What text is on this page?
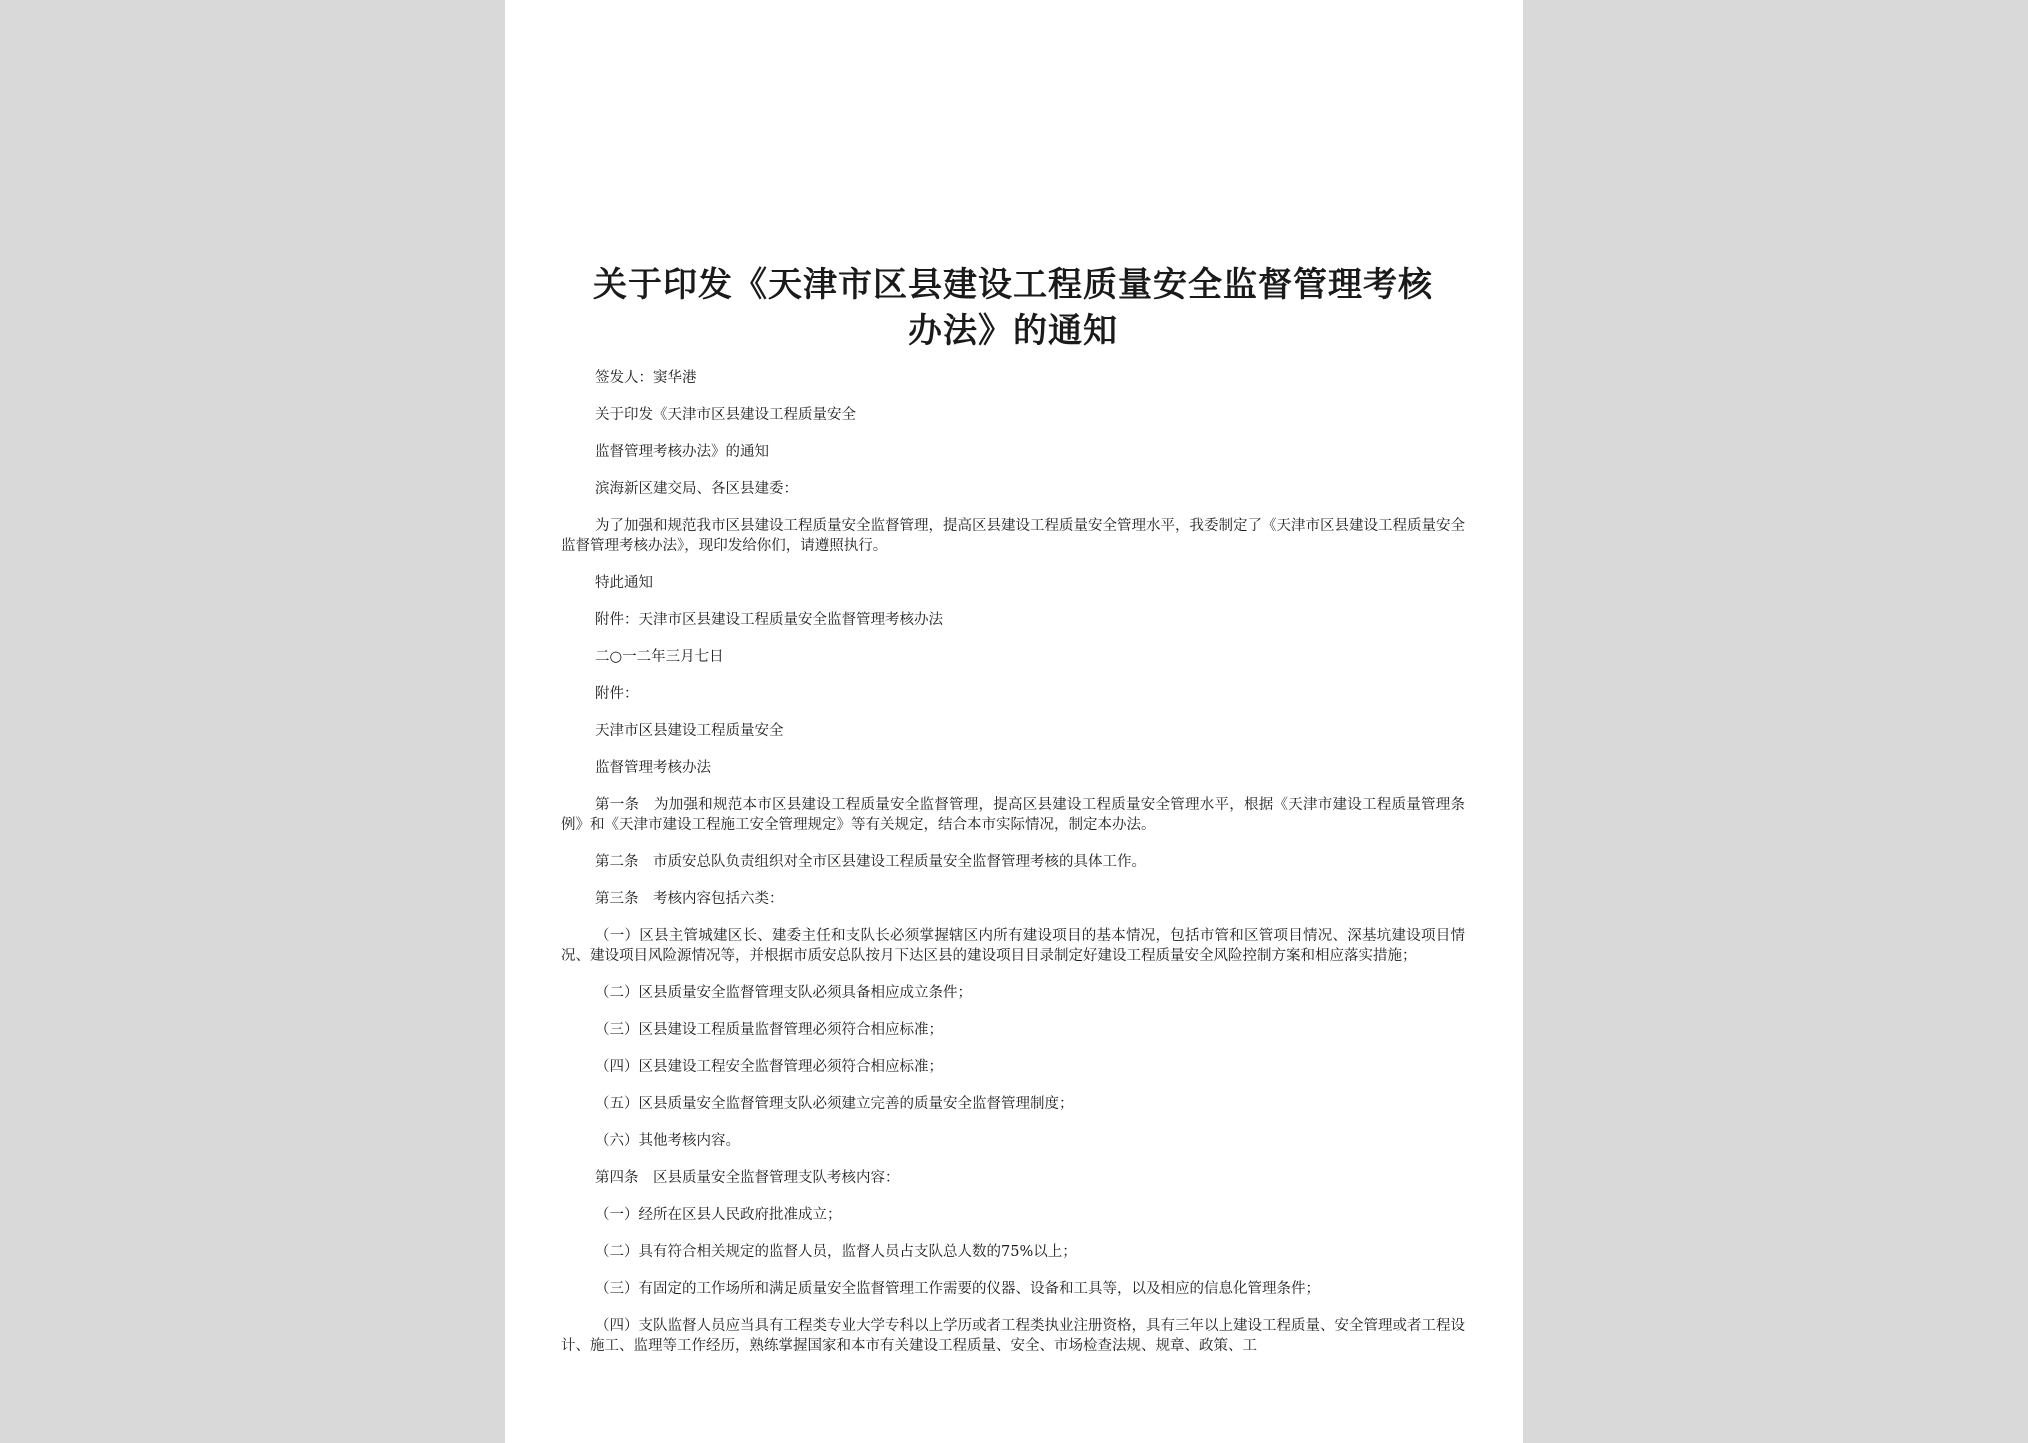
关于印发《天津市区县建设工程质量安全监督管理考核
办法》的通知

签发人：窦华港

关于印发《天津市区县建设工程质量安全

监督管理考核办法》的通知

滨海新区建交局、各区县建委：

为了加强和规范我市区县建设工程质量安全监督管理，提高区县建设工程质量安全管理水平，我委制定了《天津市区县建设工程质量安全监督管理考核办法》，现印发给你们，请遵照执行。

特此通知

附件：天津市区县建设工程质量安全监督管理考核办法

二○一二年三月七日

附件：

天津市区县建设工程质量安全

监督管理考核办法

第一条　为加强和规范本市区县建设工程质量安全监督管理，提高区县建设工程质量安全管理水平，根据《天津市建设工程质量管理条例》和《天津市建设工程施工安全管理规定》等有关规定，结合本市实际情况，制定本办法。

第二条　市质安总队负责组织对全市区县建设工程质量安全监督管理考核的具体工作。

第三条　考核内容包括六类：

（一）区县主管城建区长、建委主任和支队长必须掌握辖区内所有建设项目的基本情况，包括市管和区管项目情况、深基坑建设项目情况、建设项目风险源情况等，并根据市质安总队按月下达区县的建设项目目录制定好建设工程质量安全风险控制方案和相应落实措施；

（二）区县质量安全监督管理支队必须具备相应成立条件；

（三）区县建设工程质量监督管理必须符合相应标准；

（四）区县建设工程安全监督管理必须符合相应标准；

（五）区县质量安全监督管理支队必须建立完善的质量安全监督管理制度；

（六）其他考核内容。

第四条　区县质量安全监督管理支队考核内容：

（一）经所在区县人民政府批准成立；

（二）具有符合相关规定的监督人员，监督人员占支队总人数的75%以上；

（三）有固定的工作场所和满足质量安全监督管理工作需要的仪器、设备和工具等，以及相应的信息化管理条件；

（四）支队监督人员应当具有工程类专业大学专科以上学历或者工程类执业注册资格，具有三年以上建设工程质量、安全管理或者工程设计、施工、监理等工作经历，熟练掌握国家和本市有关建设工程质量、安全、市场检查法规、规章、政策、工
